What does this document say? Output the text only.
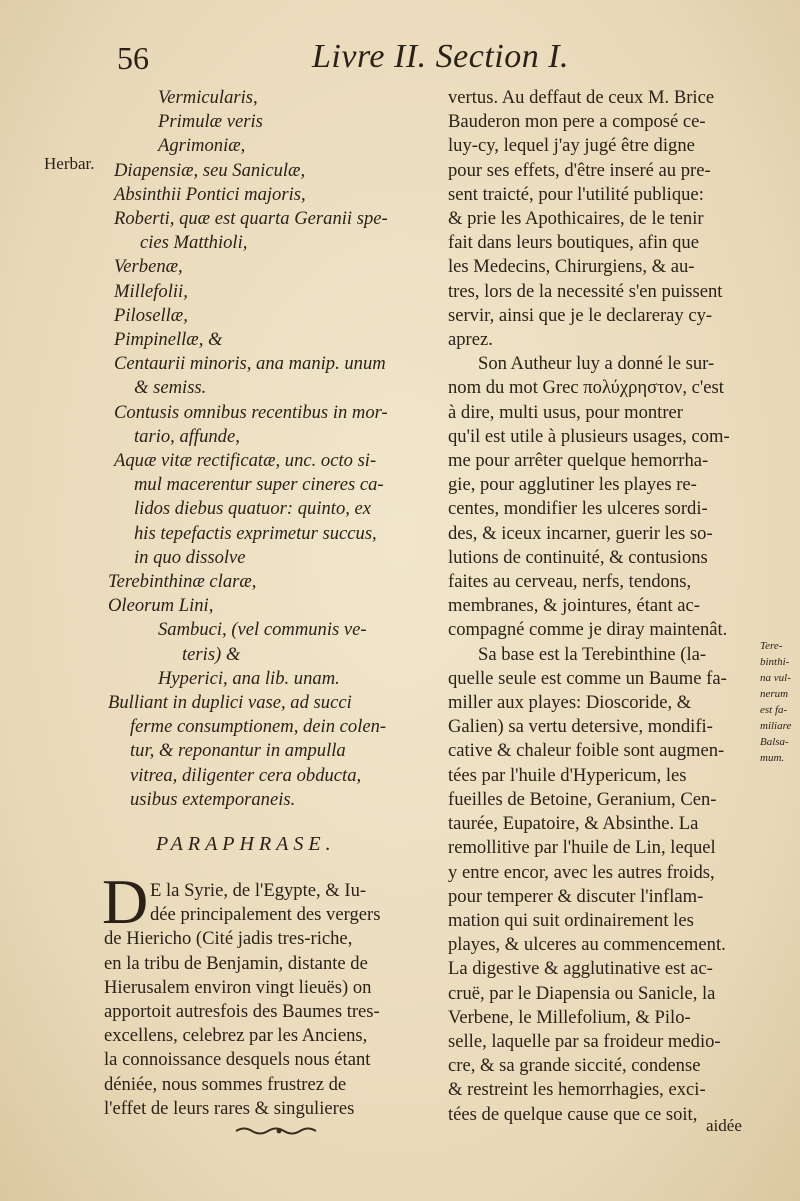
56	Livre II. Section I.
Herbar.
Vermicularis,
Primulæ veris
Agrimoniæ,
Diapensiæ, seu Saniculæ,
Absinthii Pontici majoris,
Roberti, quæ est quarta Geranii spe-
cies Matthioli,
Verbenæ,
Millefolii,
Pilosellæ,
Pimpinellæ, &
Centaurii minoris, ana manip. unum
& semiss.
Contusis omnibus recentibus in mor-
tario, affunde,
Aquæ vitæ rectificatæ, unc. octo si-
mul macerentur super cineres ca-
lidos diebus quatuor: quinto, ex
his tepefactis exprimetur succus,
in quo dissolve
Terebinthinæ claræ,
Oleorum Lini,
Sambuci, (vel communis ve-
teris) &
Hyperici, ana lib. unam.
Bulliant in duplici vase, ad succi
ferme consumptionem, dein colen-
tur, & reponantur in ampulla
vitrea, diligenter cera obducta,
usibus extemporaneis.
PARAPHRASE.
D E la Syrie, de l'Egypte, & Iu-
dée principalement des vergers
de Hiericho (Cité jadis tres-riche,
en la tribu de Benjamin, distante de
Hierusalem environ vingt lieuës) on
apportoit autresfois des Baumes tres-
excellens, celebrez par les Anciens,
la connoissance desquels nous étant
déniée, nous sommes frustrez de
l'effet de leurs rares & singulieres
vertus. Au deffaut de ceux M. Brice
Bauderon mon pere a composé ce-
luy-cy, lequel j'ay jugé être digne
pour ses effets, d'être inseré au pre-
sent traicté, pour l'utilité publique:
& prie les Apothicaires, de le tenir
fait dans leurs boutiques, afin que
les Medecins, Chirurgiens, & au-
tres, lors de la necessité s'en puissent
servir, ainsi que je le declareray cy-
aprez.
Son Autheur luy a donné le sur-
nom du mot Grec πολύχρηστον, c'est
à dire, multi usus, pour montrer
qu'il est utile à plusieurs usages, com-
me pour arrêter quelque hemorrha-
gie, pour agglutiner les playes re-
centes, mondifier les ulceres sordi-
des, & iceux incarner, guerir les so-
lutions de continuité, & contusions
faites au cerveau, nerfs, tendons,
membranes, & jointures, étant ac-
compagné comme je diray maintenât.
Sa base est la Terebinthine (la-
quelle seule est comme un Baume fa-
miller aux playes: Dioscoride, &
Galien) sa vertu detersive, mondifi-
cative & chaleur foible sont augmen-
tées par l'huile d'Hypericum, les
fueilles de Betoine, Geranium, Cen-
taurée, Eupatoire, & Absinthe. La
remollitive par l'huile de Lin, lequel
y entre encor, avec les autres froids,
pour temperer & discuter l'inflam-
mation qui suit ordinairement les
playes, & ulceres au commencement.
La digestive & agglutinative est ac-
cruë, par le Diapensia ou Sanicle, la
Verbene, le Millefolium, & Pilo-
selle, laquelle par sa froideur medio-
cre, & sa grande siccité, condense
& restreint les hemorrhagies, exci-
tées de quelque cause que ce soit,
Tere-
binthi-
na vul-
nerum
est fa-
miliare
Balsa-
mum.
aidée
